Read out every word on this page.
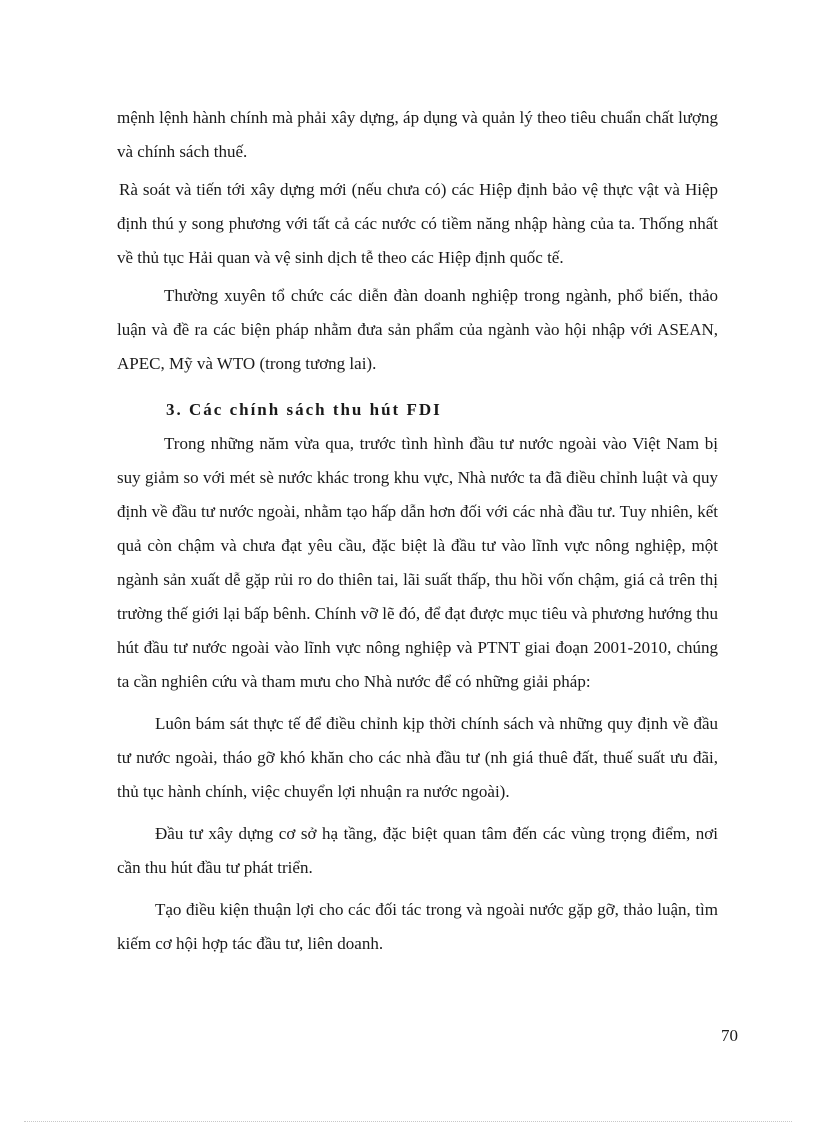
mệnh lệnh hành chính mà phải xây dựng, áp dụng và quản lý theo tiêu chuẩn chất lượng và chính sách thuế.

Rà soát và tiến tới xây dựng mới (nếu chưa có) các Hiệp định bảo vệ thực vật và Hiệp định thú y song phương với tất cả các nước có tiềm năng nhập hàng của ta. Thống nhất về thủ tục Hải quan và vệ sinh dịch tễ theo các Hiệp định quốc tế.

Thường xuyên tổ chức các diễn đàn doanh nghiệp trong ngành, phổ biến, thảo luận và đề ra các biện pháp nhằm đưa sản phẩm của ngành vào hội nhập với ASEAN, APEC, Mỹ và WTO (trong tương lai).

3. Các chính sách thu hút FDI

Trong những năm vừa qua, trước tình hình đầu tư nước ngoài vào Việt Nam bị suy giảm so với mét sè nước khác trong khu vực, Nhà nước ta đã điều chỉnh luật và quy định về đầu tư nước ngoài, nhằm tạo hấp dẫn hơn đối với các nhà đầu tư. Tuy nhiên, kết quả còn chậm và chưa đạt yêu cầu, đặc biệt là đầu tư vào lĩnh vực nông nghiệp, một ngành sản xuất dễ gặp rủi ro do thiên tai, lãi suất thấp, thu hồi vốn chậm, giá cả trên thị trường thế giới lại bấp bênh. Chính vỡ lẽ đó, để đạt được mục tiêu và phương hướng thu hút đầu tư nước ngoài vào lĩnh vực nông nghiệp và PTNT giai đoạn 2001-2010, chúng ta cần nghiên cứu và tham mưu cho Nhà nước để có những giải pháp:

Luôn bám sát thực tế để điều chỉnh kịp thời chính sách và những quy định về đầu tư nước ngoài, tháo gỡ khó khăn cho các nhà đầu tư (nh giá thuê đất, thuế suất ưu đãi, thủ tục hành chính, việc chuyển lợi nhuận ra nước ngoài).

Đầu tư xây dựng cơ sở hạ tầng, đặc biệt quan tâm đến các vùng trọng điểm, nơi cần thu hút đầu tư phát triển.

Tạo điều kiện thuận lợi cho các đối tác trong và ngoài nước gặp gỡ, thảo luận, tìm kiếm cơ hội hợp tác đầu tư, liên doanh.

70
